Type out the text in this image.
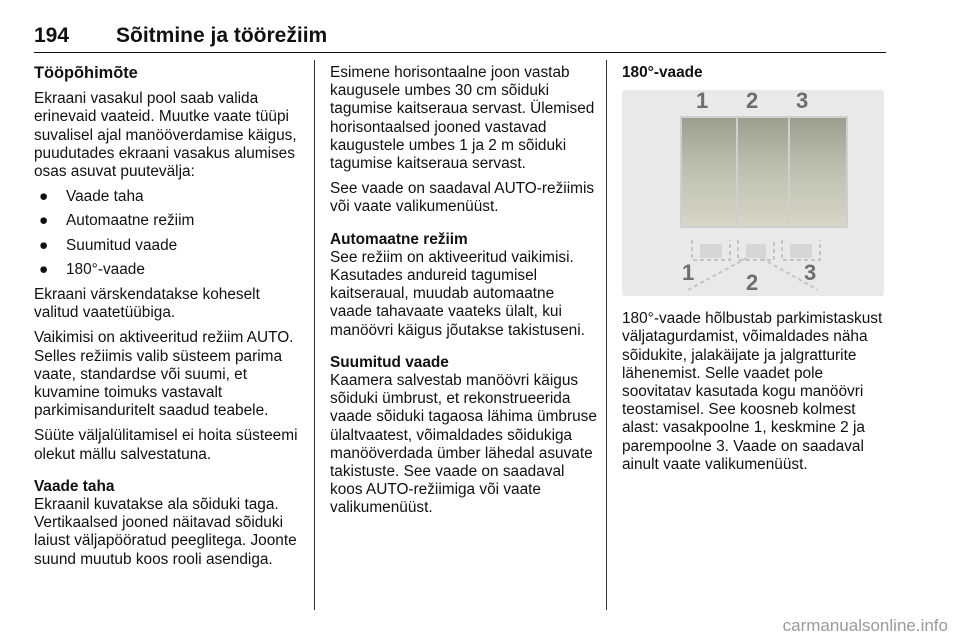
194 Sõitmine ja töörežiim
Tööpõhimõte

Ekraani vasakul pool saab valida erinevaid vaateid. Muutke vaate tüüpi suvalisel ajal manööverdamise käigus, puudutades ekraani vasakus alumises osas asuvat puutevälja:

● Vaade taha
● Automaatne režiim
● Suumitud vaade
● 180°-vaade

Ekraani värskendatakse koheselt valitud vaatetüübiga.

Vaikimisi on aktiveeritud režiim AUTO. Selles režiimis valib süsteem parima vaate, standardse või suumi, et kuvamine toimuks vastavalt parkimisanduritelt saadud teabele.

Süüte väljalülitamisel ei hoita süsteemi olekut mällu salvestatuna.

Vaade taha

Ekraanil kuvatakse ala sõiduki taga. Vertikaalsed jooned näitavad sõiduki laiust väljapööratud peeglitega. Joonte suund muutub koos rooli asendiga.

Esimene horisontaalne joon vastab kaugusele umbes 30 cm sõiduki tagumise kaitseraua servast. Ülemised horisontaalsed jooned vastavad kaugustele umbes 1 ja 2 m sõiduki tagumise kaitseraua servast.

See vaade on saadaval AUTO-režiimis või vaate valikumenüüst.

Automaatne režiim

See režiim on aktiveeritud vaikimisi. Kasutades andureid tagumisel kaitseraual, muudab automaatne vaade tahavaate vaateks ülalt, kui manöövri käigus jõutakse takistuseni.

Suumitud vaade

Kaamera salvestab manöövri käigus sõiduki ümbrust, et rekonstrueerida vaade sõiduki tagaosa lähima ümbruse ülaltvaatest, võimaldades sõidukiga manööverdada ümber lähedal asuvate takistuste. See vaade on saadaval koos AUTO-režiimiga või vaate valikumenüüst.

180°-vaade
1 2 3
1 2 3

180°-vaade hõlbustab parkimistaskust väljatagurdamist, võimaldades näha sõidukite, jalakäijate ja jalgratturite lähenemist. Selle vaadet pole soovitatav kasutada kogu manöövri teostamisel. See koosneb kolmest alast: vasakpoolne 1, keskmine 2 ja parempoolne 3. Vaade on saadaval ainult vaate valikumenüüst.

carmanualsonline.info
